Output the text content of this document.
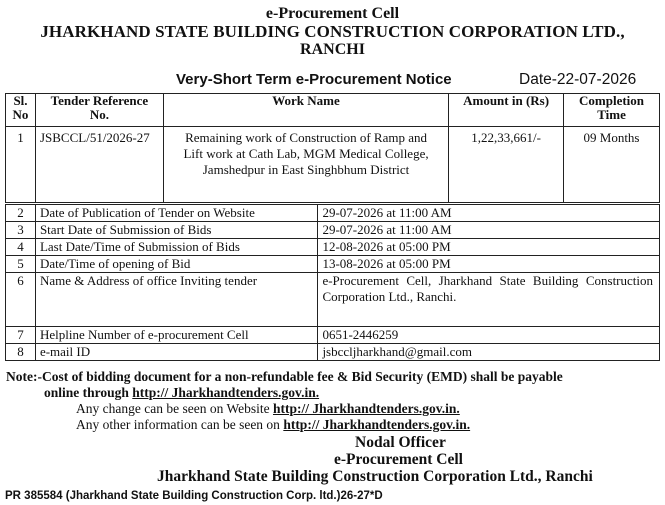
e-Procurement Cell
JHARKHAND STATE BUILDING CONSTRUCTION CORPORATION LTD.,
RANCHI
Very-Short Term e-Procurement Notice	Date-22-07-2026
Sl. No	Tender Reference No.	Work Name	Amount in (Rs)	Completion Time
1	JSBCCL/51/2026-27	Remaining work of Construction of Ramp and Lift work at Cath Lab, MGM Medical College, Jamshedpur in East Singhbhum District	1,22,33,661/-	09 Months
2	Date of Publication of Tender on Website	29-07-2026 at 11:00 AM
3	Start Date of Submission of Bids	29-07-2026 at 11:00 AM
4	Last Date/Time of Submission of Bids	12-08-2026 at 05:00 PM
5	Date/Time of opening of Bid	13-08-2026 at 05:00 PM
6	Name & Address of office Inviting tender	e-Procurement Cell, Jharkhand State Building Construction Corporation Ltd., Ranchi.
7	Helpline Number of e-procurement Cell	0651-2446259
8	e-mail ID	jsbccljharkhand@gmail.com
Note:-Cost of bidding document for a non-refundable fee & Bid Security (EMD) shall be payable
online through http:// Jharkhandtenders.gov.in.
Any change can be seen on Website http:// Jharkhandtenders.gov.in.
Any other information can be seen on http:// Jharkhandtenders.gov.in.
Nodal Officer
e-Procurement Cell
Jharkhand State Building Construction Corporation Ltd., Ranchi
PR 385584 (Jharkhand State Building Construction Corp. ltd.)26-27*D
